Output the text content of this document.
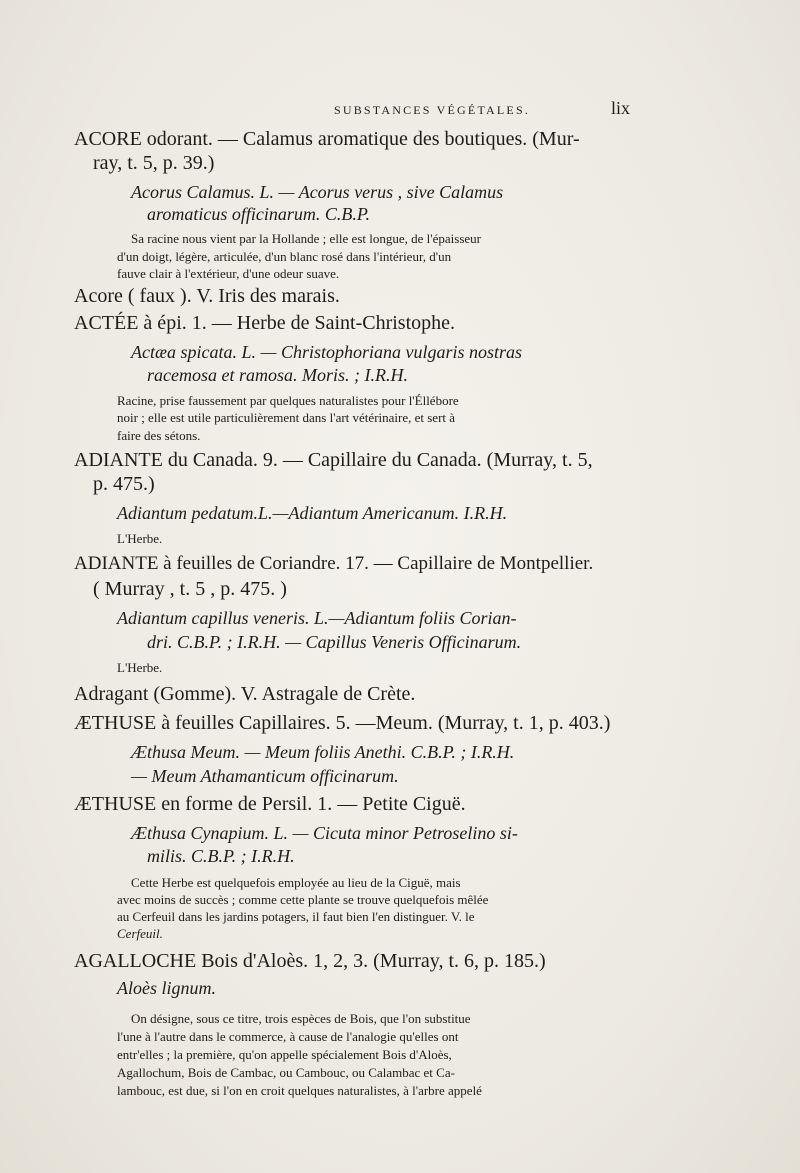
SUBSTANCES VÉGÉTALES.	lix
ACORE odorant. — Calamus aromatique des boutiques. (Mur-
ray, t. 5, p. 39.)
Acorus Calamus. L. — Acorus verus , sive Calamus
aromaticus officinarum. C.B.P.
Sa racine nous vient par la Hollande ; elle est longue, de l'épaisseur
d'un doigt, légère, articulée, d'un blanc rosé dans l'intérieur, d'un
fauve clair à l'extérieur, d'une odeur suave.
Acore ( faux ). V. Iris des marais.
ACTÉE à épi. 1. — Herbe de Saint-Christophe.
Actæa spicata. L. — Christophoriana vulgaris nostras
racemosa et ramosa. Moris. ; I.R.H.
Racine, prise faussement par quelques naturalistes pour l'Éllébore
noir ; elle est utile particulièrement dans l'art vétérinaire, et sert à
faire des sétons.
ADIANTE du Canada. 9. — Capillaire du Canada. (Murray, t. 5,
p. 475.)
Adiantum pedatum.L.—Adiantum Americanum. I.R.H.
L'Herbe.
ADIANTE à feuilles de Coriandre. 17. — Capillaire de Montpellier.
( Murray , t. 5 , p. 475. )
Adiantum capillus veneris. L.—Adiantum foliis Corian-
dri. C.B.P. ; I.R.H. — Capillus Veneris Officinarum.
L'Herbe.
Adragant (Gomme). V. Astragale de Crète.
ÆTHUSE à feuilles Capillaires. 5. —Meum. (Murray, t. 1, p. 403.)
Æthusa Meum. — Meum foliis Anethi. C.B.P. ; I.R.H.
— Meum Athamanticum officinarum.
ÆTHUSE en forme de Persil. 1. — Petite Ciguë.
Æthusa Cynapium. L. — Cicuta minor Petroselino si-
milis. C.B.P. ; I.R.H.
Cette Herbe est quelquefois employée au lieu de la Ciguë, mais
avec moins de succès ; comme cette plante se trouve quelquefois mêlée
au Cerfeuil dans les jardins potagers, il faut bien l'en distinguer. V. le
Cerfeuil.
AGALLOCHE Bois d'Aloès. 1, 2, 3. (Murray, t. 6, p. 185.)
Aloès lignum.
On désigne, sous ce titre, trois espèces de Bois, que l'on substitue
l'une à l'autre dans le commerce, à cause de l'analogie qu'elles ont
entr'elles ; la première, qu'on appelle spécialement Bois d'Aloès,
Agallochum, Bois de Cambac, ou Cambouc, ou Calambac et Ca-
lambouc, est due, si l'on en croit quelques naturalistes, à l'arbre appelé
